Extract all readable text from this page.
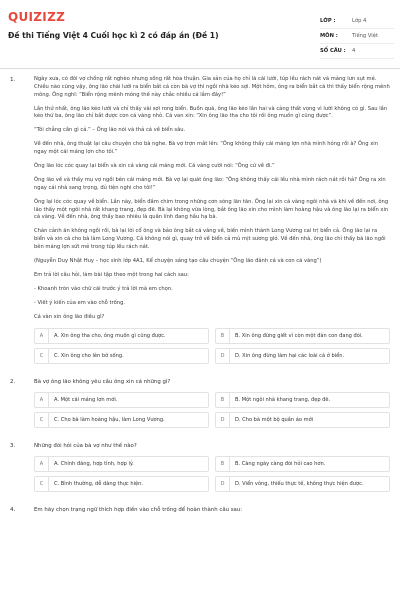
QUIZIZZ
Đề thi Tiếng Việt 4 Cuối học kì 2 có đáp án (Đề 1)
LỚP :	Lớp 4
MÔN :	Tiếng Việt
SỐ CÂU :	4
1.	Ngày xưa, có đôi vợ chồng rất nghèo nhưng sống rất hòa thuận. Gia sản của họ chỉ là cái lưới, túp lều rách nát và mảng lưn sụt mẻ. Chiều nào cũng vậy, ông lão chài lưới ra biển bắt cá còn bà vợ thì ngồi nhà kéo sợi. Một hôm, ông ra biển bắt cá thì thấy biển rộng mênh mông. Ông nghĩ: “Biển rộng mênh mông thế này chắc nhiều cá lắm đây!”

Lần thứ nhất, ông lão kéo lưới và chỉ thấy vài sợi rong biển. Buồn quá, ông lão kéo lần hai và cảng thất vọng vì lưới không có gì. Sau lần kéo thứ ba, ông lão chỉ bắt được con cá vàng nhỏ. Cá van xin: “Xin ông lão tha cho tôi rồi ông muốn gì cũng được”.

“Tôi chẳng cần gì cả.” – Ông lão nói và thả cá về biển sâu.

Về đến nhà, ông thuật lại câu chuyện cho bà nghe. Bà vợ trợn mắt lên: “Ông không thấy cái máng lợn nhà mình hỏng rồi à? Ông xin ngay một cái máng lợn cho tôi.”

Ông lão lóc cóc quay lại biển và xin cá vàng cái máng mới. Cá vàng cười nói: “Ông cứ về đi.”

Ông lão về và thấy mụ vợ ngồi bên cái máng mới. Bà vợ lại quát ông lão: “Ông không thấy cái lều nhà mình rách nát rồi hả? Ông ra xin ngay cái nhà sang trọng, đủ tiện nghi cho tôi!”

Ông lại lóc cóc quay về biển. Lần này, biển đầm chim trong những cơn sóng lăn tăn. Ông lại xin cá vàng ngôi nhà và khi về đến nơi, ông lão thấy một ngôi nhà rất khang trang, đẹp đẽ. Bà lại không vừa lòng, bắt ông lão xin cho mình làm hoàng hậu và ông lão lại ra biển xin cá vàng. Về đến nhà, ông thấy bao nhiêu là quân lính đang hầu hạ bà.

Chán cảnh ăn không ngồi rồi, bà lại lôi cổ ông và bảo ông bắt cá vàng về, biến mình thành Long Vương cai trị biển cả. Ông lão lại ra biển và xin cá cho bà làm Long Vương. Cá không nói gì, quay trở về biển cả mù mịt sương gió. Về đến nhà, ông lão chỉ thấy bà lão ngồi bên máng lợn sứt mẻ trong túp lều rách nát.

(Nguyễn Duy Nhật Huy – học sinh lớp 4A1, Kể chuyện sáng tạo câu chuyện “Ông lão đánh cá và con cá vàng”)

Em trả lời câu hỏi, làm bài tập theo một trong hai cách sau:

- Khoanh tròn vào chữ cái trước ý trả lời mà em chọn.

- Viết ý kiến của em vào chỗ trống.

Cá vàn xin ông lão điều gì?

A	A. Xin ông tha cho, ông muốn gì cũng được.	B	B. Xin ông đừng giết vì còn một đàn con đang đói.
C	C. Xin ông cho lên bờ sống.	D	D. Xin ông đừng làm hại các loài cá ở biển.
2.	Bà vợ ông lão không yêu cầu ông xin cá những gì?

A	A. Một cái máng lợn mới.	B	B. Một ngôi nhà khang trang, đẹp đẽ.
C	C. Cho bà làm hoàng hậu, làm Long Vương.	D	D. Cho bà một bộ quần áo mới
3.	Những đòi hỏi của bà vợ như thế nào?

A	A. Chính đáng, hợp tình, hợp lý.	B	B. Càng ngày càng đòi hỏi cao hơn.
C	C. Bình thường, dễ dàng thực hiện.	D	D. Viển vông, thiếu thực tế, không thực hiện được.
4.	Em hãy chọn trạng ngữ thích hợp điền vào chỗ trống để hoàn thành câu sau:
